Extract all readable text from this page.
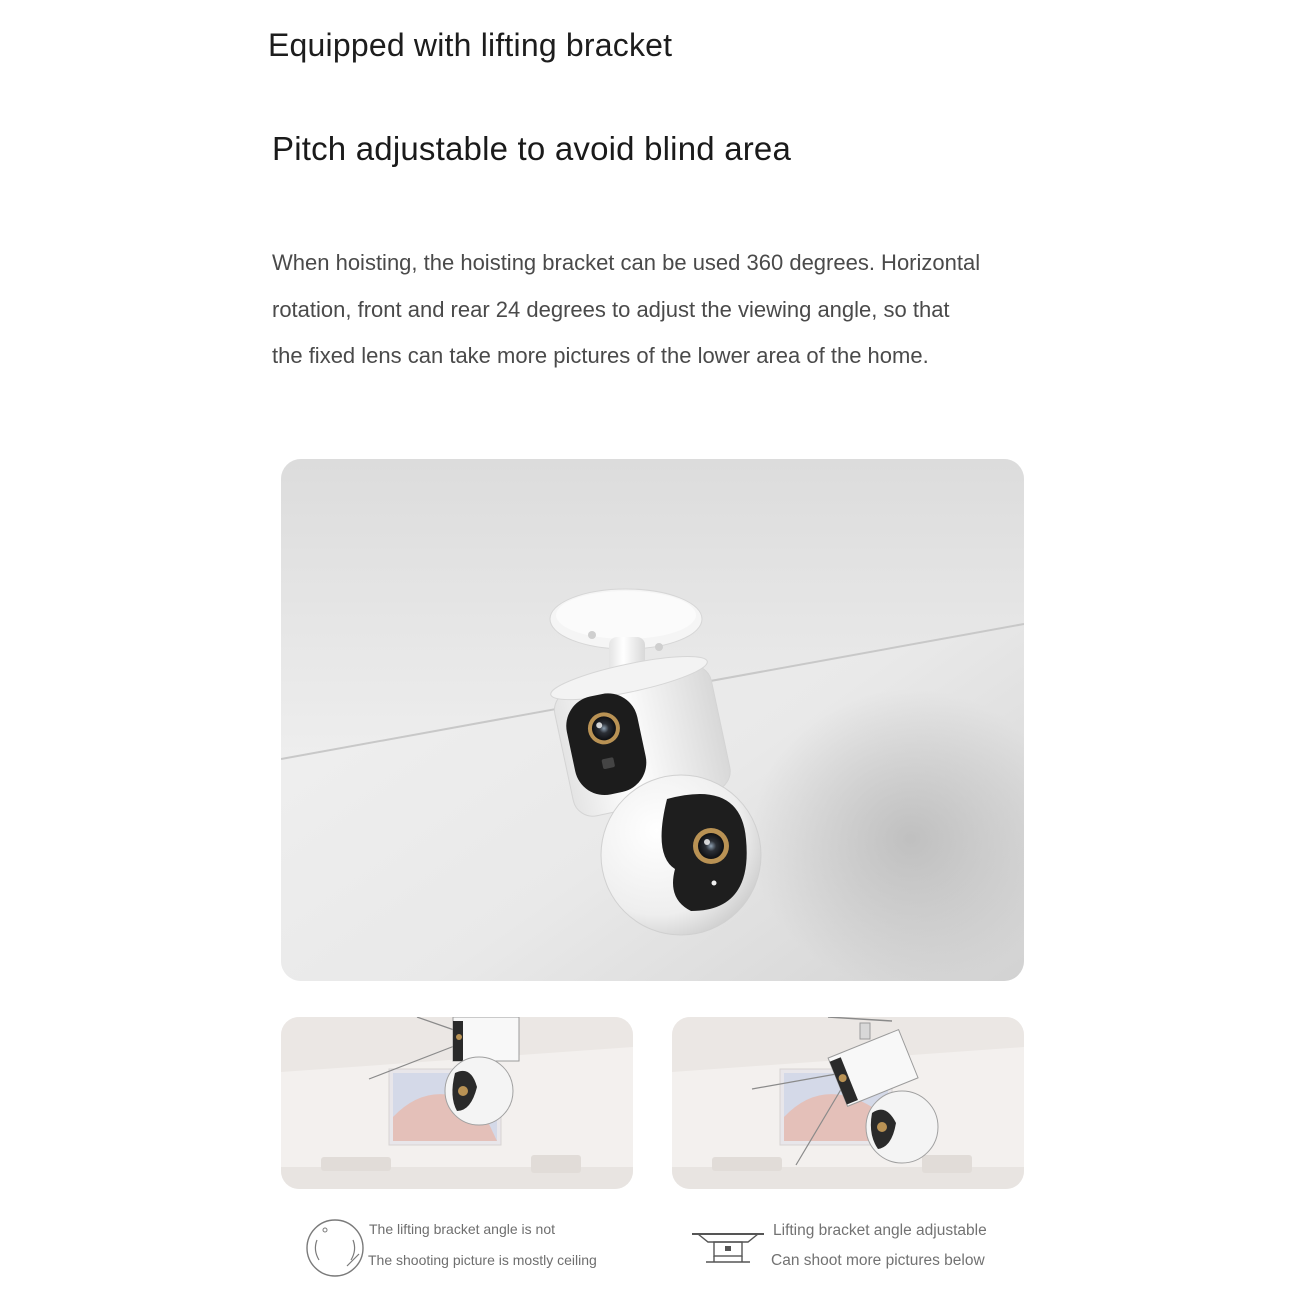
Equipped with lifting bracket
Pitch adjustable to avoid blind area
When hoisting, the hoisting bracket can be used 360 degrees. Horizontal
rotation, front and rear 24 degrees to adjust the viewing angle, so that
the fixed lens can take more pictures of the lower area of the home.

The lifting bracket angle is not

The shooting picture is mostly ceiling

Lifting bracket angle adjustable

Can shoot more pictures below
